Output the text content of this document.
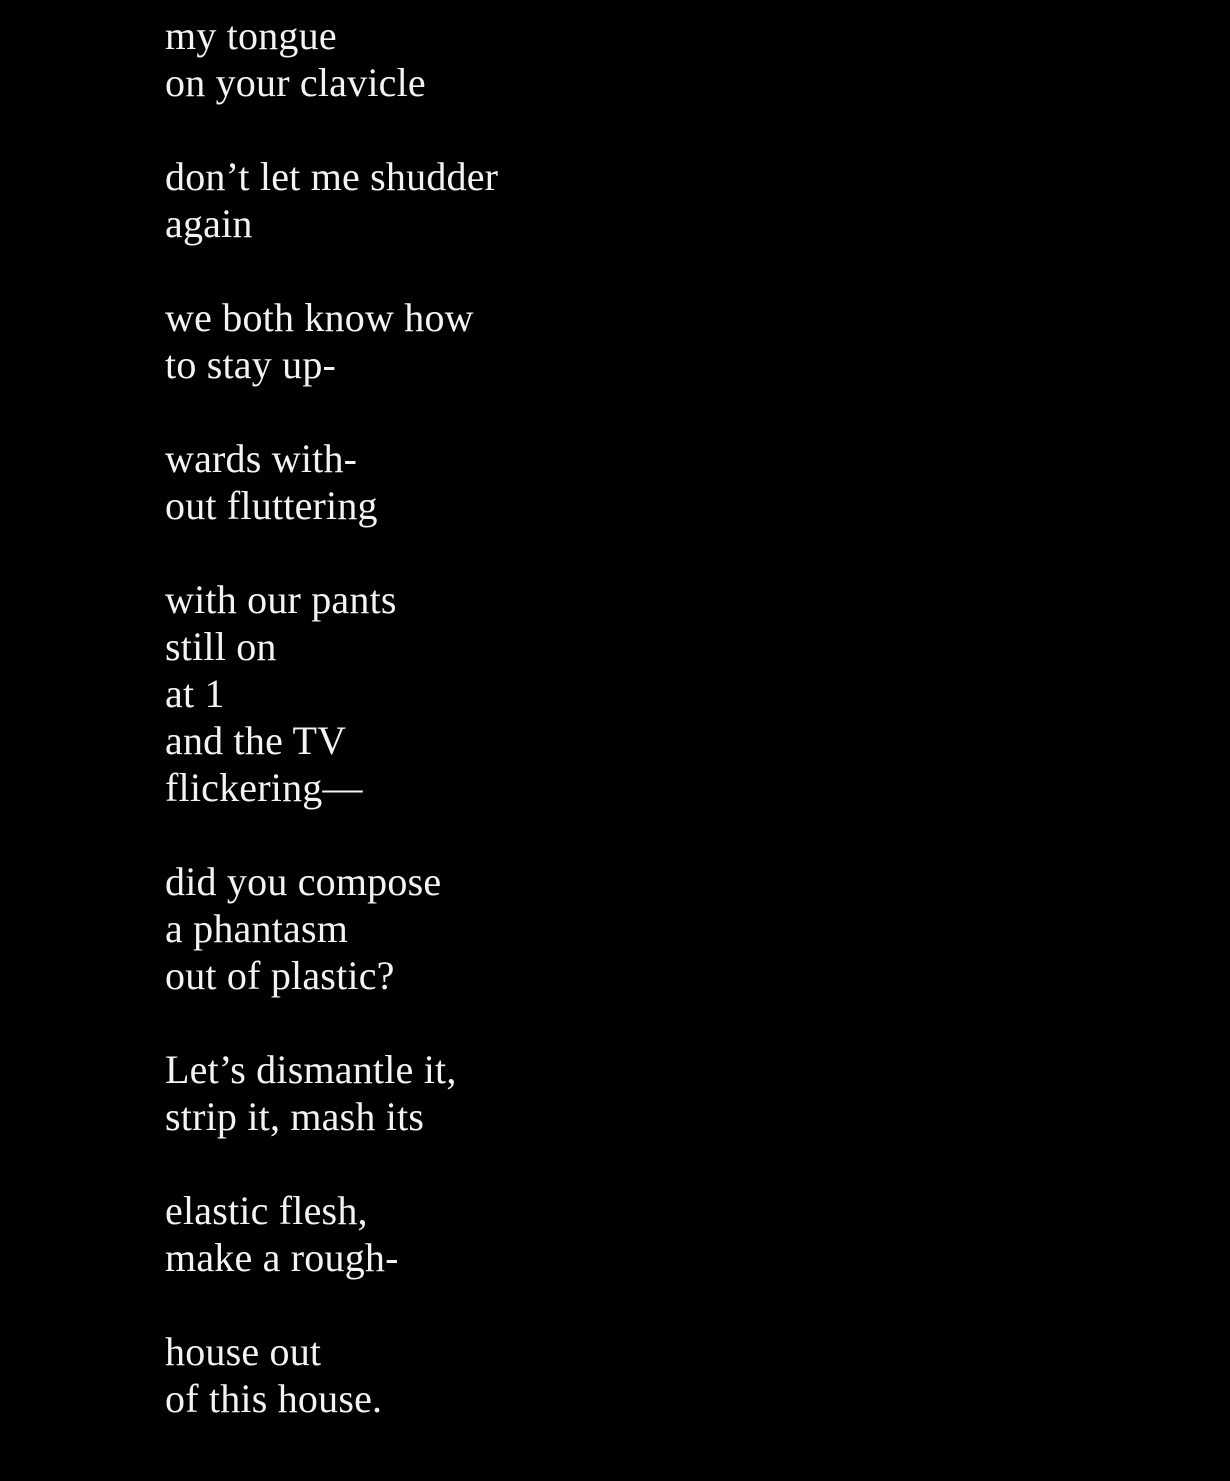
my tongue
on your clavicle
don’t let me shudder
again
we both know how
to stay up-
wards with-
out fluttering
with our pants
still on
at 1
and the TV
flickering—
did you compose
a phantasm
out of plastic?
Let’s dismantle it,
strip it, mash its
elastic flesh,
make a rough-
house out
of this house.
